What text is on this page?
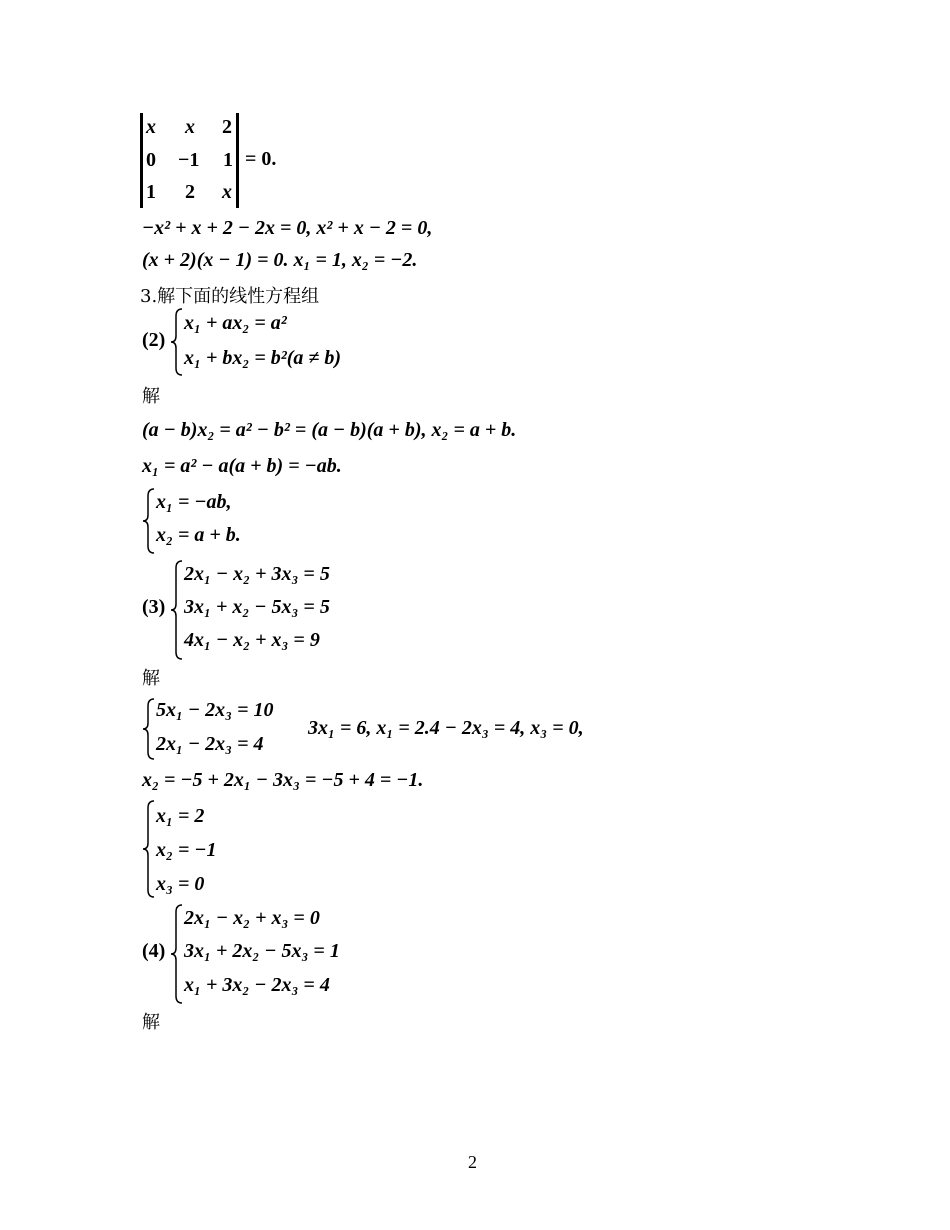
x x 2
0 −1 1
1 2 x
= 0.
−x² + x + 2 − 2x = 0, x² + x − 2 = 0,
(x + 2)(x − 1) = 0. x₁ = 1, x₂ = −2.
3.解下面的线性方程组
(2)
x₁ + ax₂ = a²
x₁ + bx₂ = b²(a ≠ b)
解
(a − b)x₂ = a² − b² = (a − b)(a + b), x₂ = a + b.
x₁ = a² − a(a + b) = −ab.
x₁ = −ab,
x₂ = a + b.
(3)
2x₁ − x₂ + 3x₃ = 5
3x₁ + x₂ − 5x₃ = 5
4x₁ − x₂ + x₃ = 9
解
5x₁ − 2x₃ = 10
2x₁ − 2x₃ = 4
3x₁ = 6, x₁ = 2.4 − 2x₃ = 4, x₃ = 0,
x₂ = −5 + 2x₁ − 3x₃ = −5 + 4 = −1.
x₁ = 2
x₂ = −1
x₃ = 0
(4)
2x₁ − x₂ + x₃ = 0
3x₁ + 2x₂ − 5x₃ = 1
x₁ + 3x₂ − 2x₃ = 4
解
2
